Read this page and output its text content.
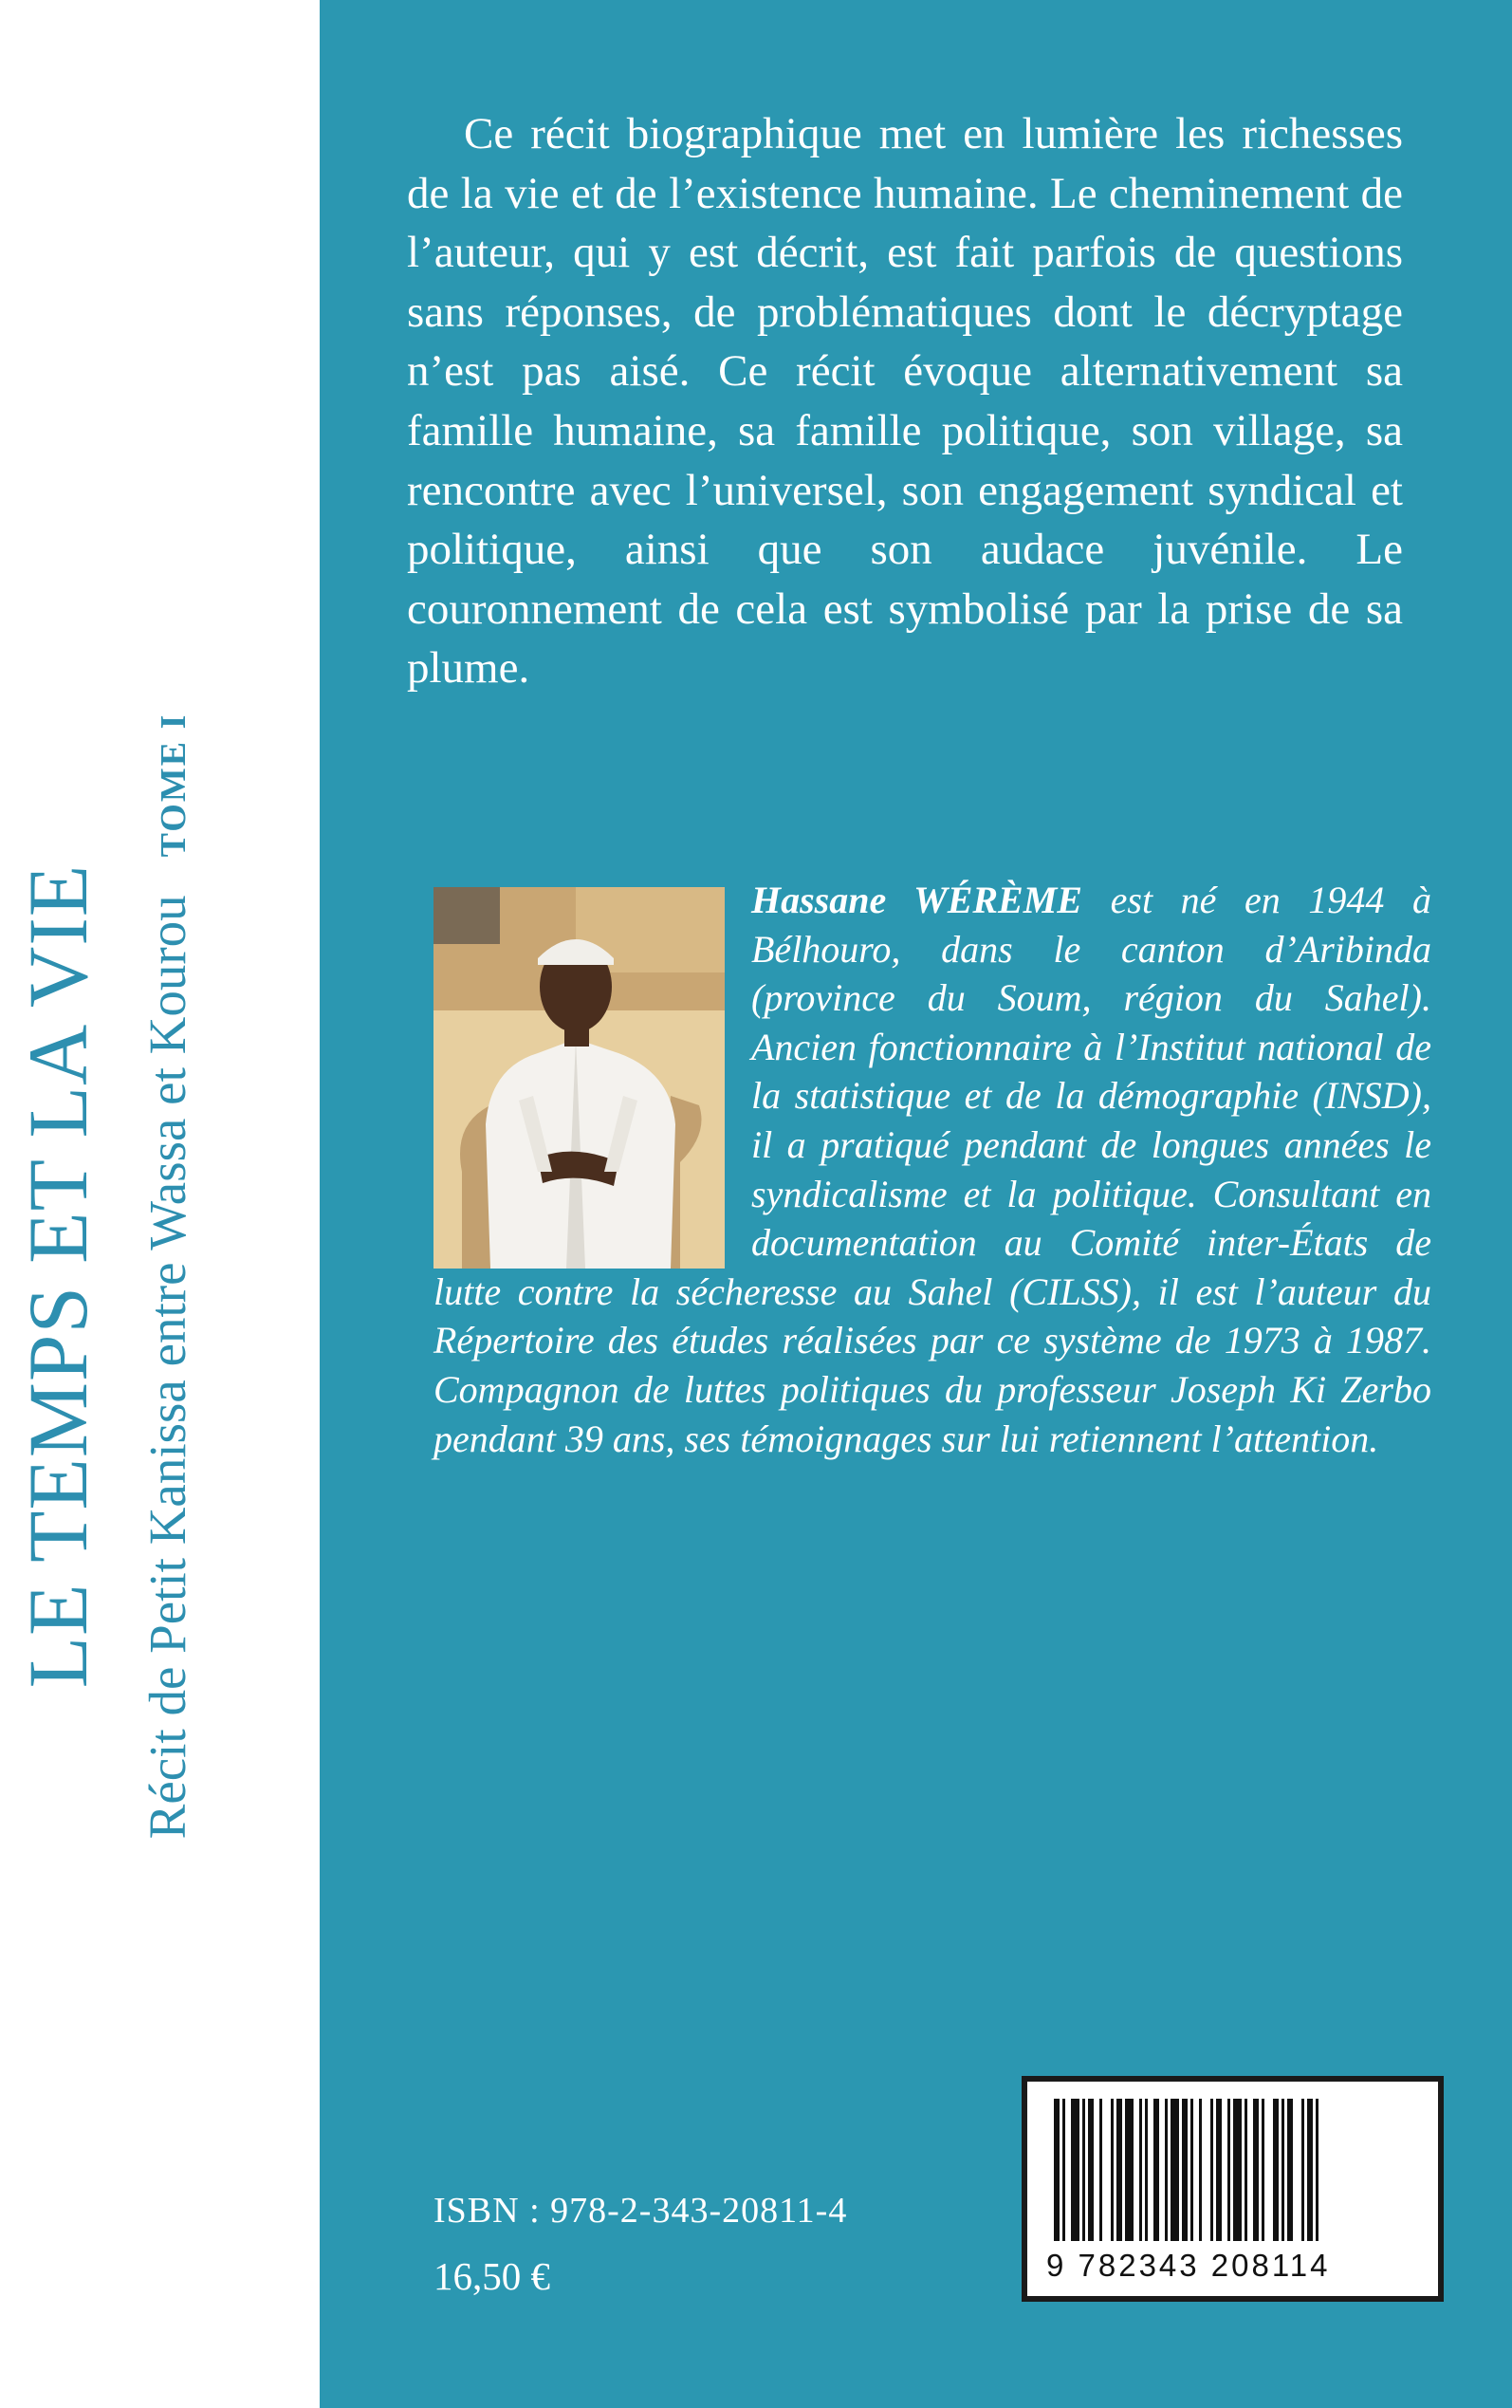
LE TEMPS ET LA VIE Récit de Petit Kanissa entre Wassa et KourouTOME I

Ce récit biographique met en lumière les richesses de la vie et de l’existence humaine. Le cheminement de l’auteur, qui y est décrit, est fait parfois de questions sans réponses, de problématiques dont le décryptage n’est pas aisé. Ce récit évoque alternativement sa famille humaine, sa famille politique, son village, sa rencontre avec l’universel, son engagement syndical et politique, ainsi que son audace juvénile. Le couronnement de cela est symbolisé par la prise de sa plume.

Hassane WÉRÈME est né en 1944 à Bélhouro, dans le canton d’Aribinda (province du Soum, région du Sahel). Ancien fonctionnaire à l’Institut national de la statistique et de la démographie (INSD), il a pratiqué pendant de longues années le syndicalisme et la politique. Consultant en documentation au Comité inter-États de lutte contre la sécheresse au Sahel (CILSS), il est l’auteur du Répertoire des études réalisées par ce système de 1973 à 1987. Compagnon de luttes politiques du professeur Joseph Ki Zerbo pendant 39 ans, ses témoignages sur lui retiennent l’attention.

ISBN : 978-2-343-20811-4
16,50 €	9 782343 208114
